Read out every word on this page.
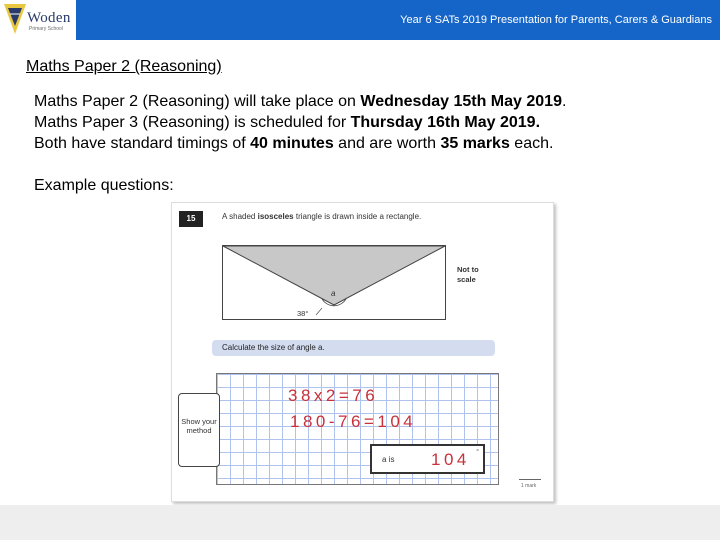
Woden
Primary School
Year 6 SATs 2019 Presentation for Parents, Carers & Guardians
Maths Paper 2 (Reasoning)
Maths Paper 2 (Reasoning) will take place on Wednesday 15th May 2019.
Maths Paper 3 (Reasoning) is scheduled for Thursday 16th May 2019.
Both have standard timings of 40 minutes and are worth 35 marks each.
Example questions:
15	A shaded isosceles triangle is drawn inside a rectangle.
a
38°
Not to scale
Calculate the size of angle a.
Show your method
38x2=76
180-76=104
a is 104 °
1 mark
